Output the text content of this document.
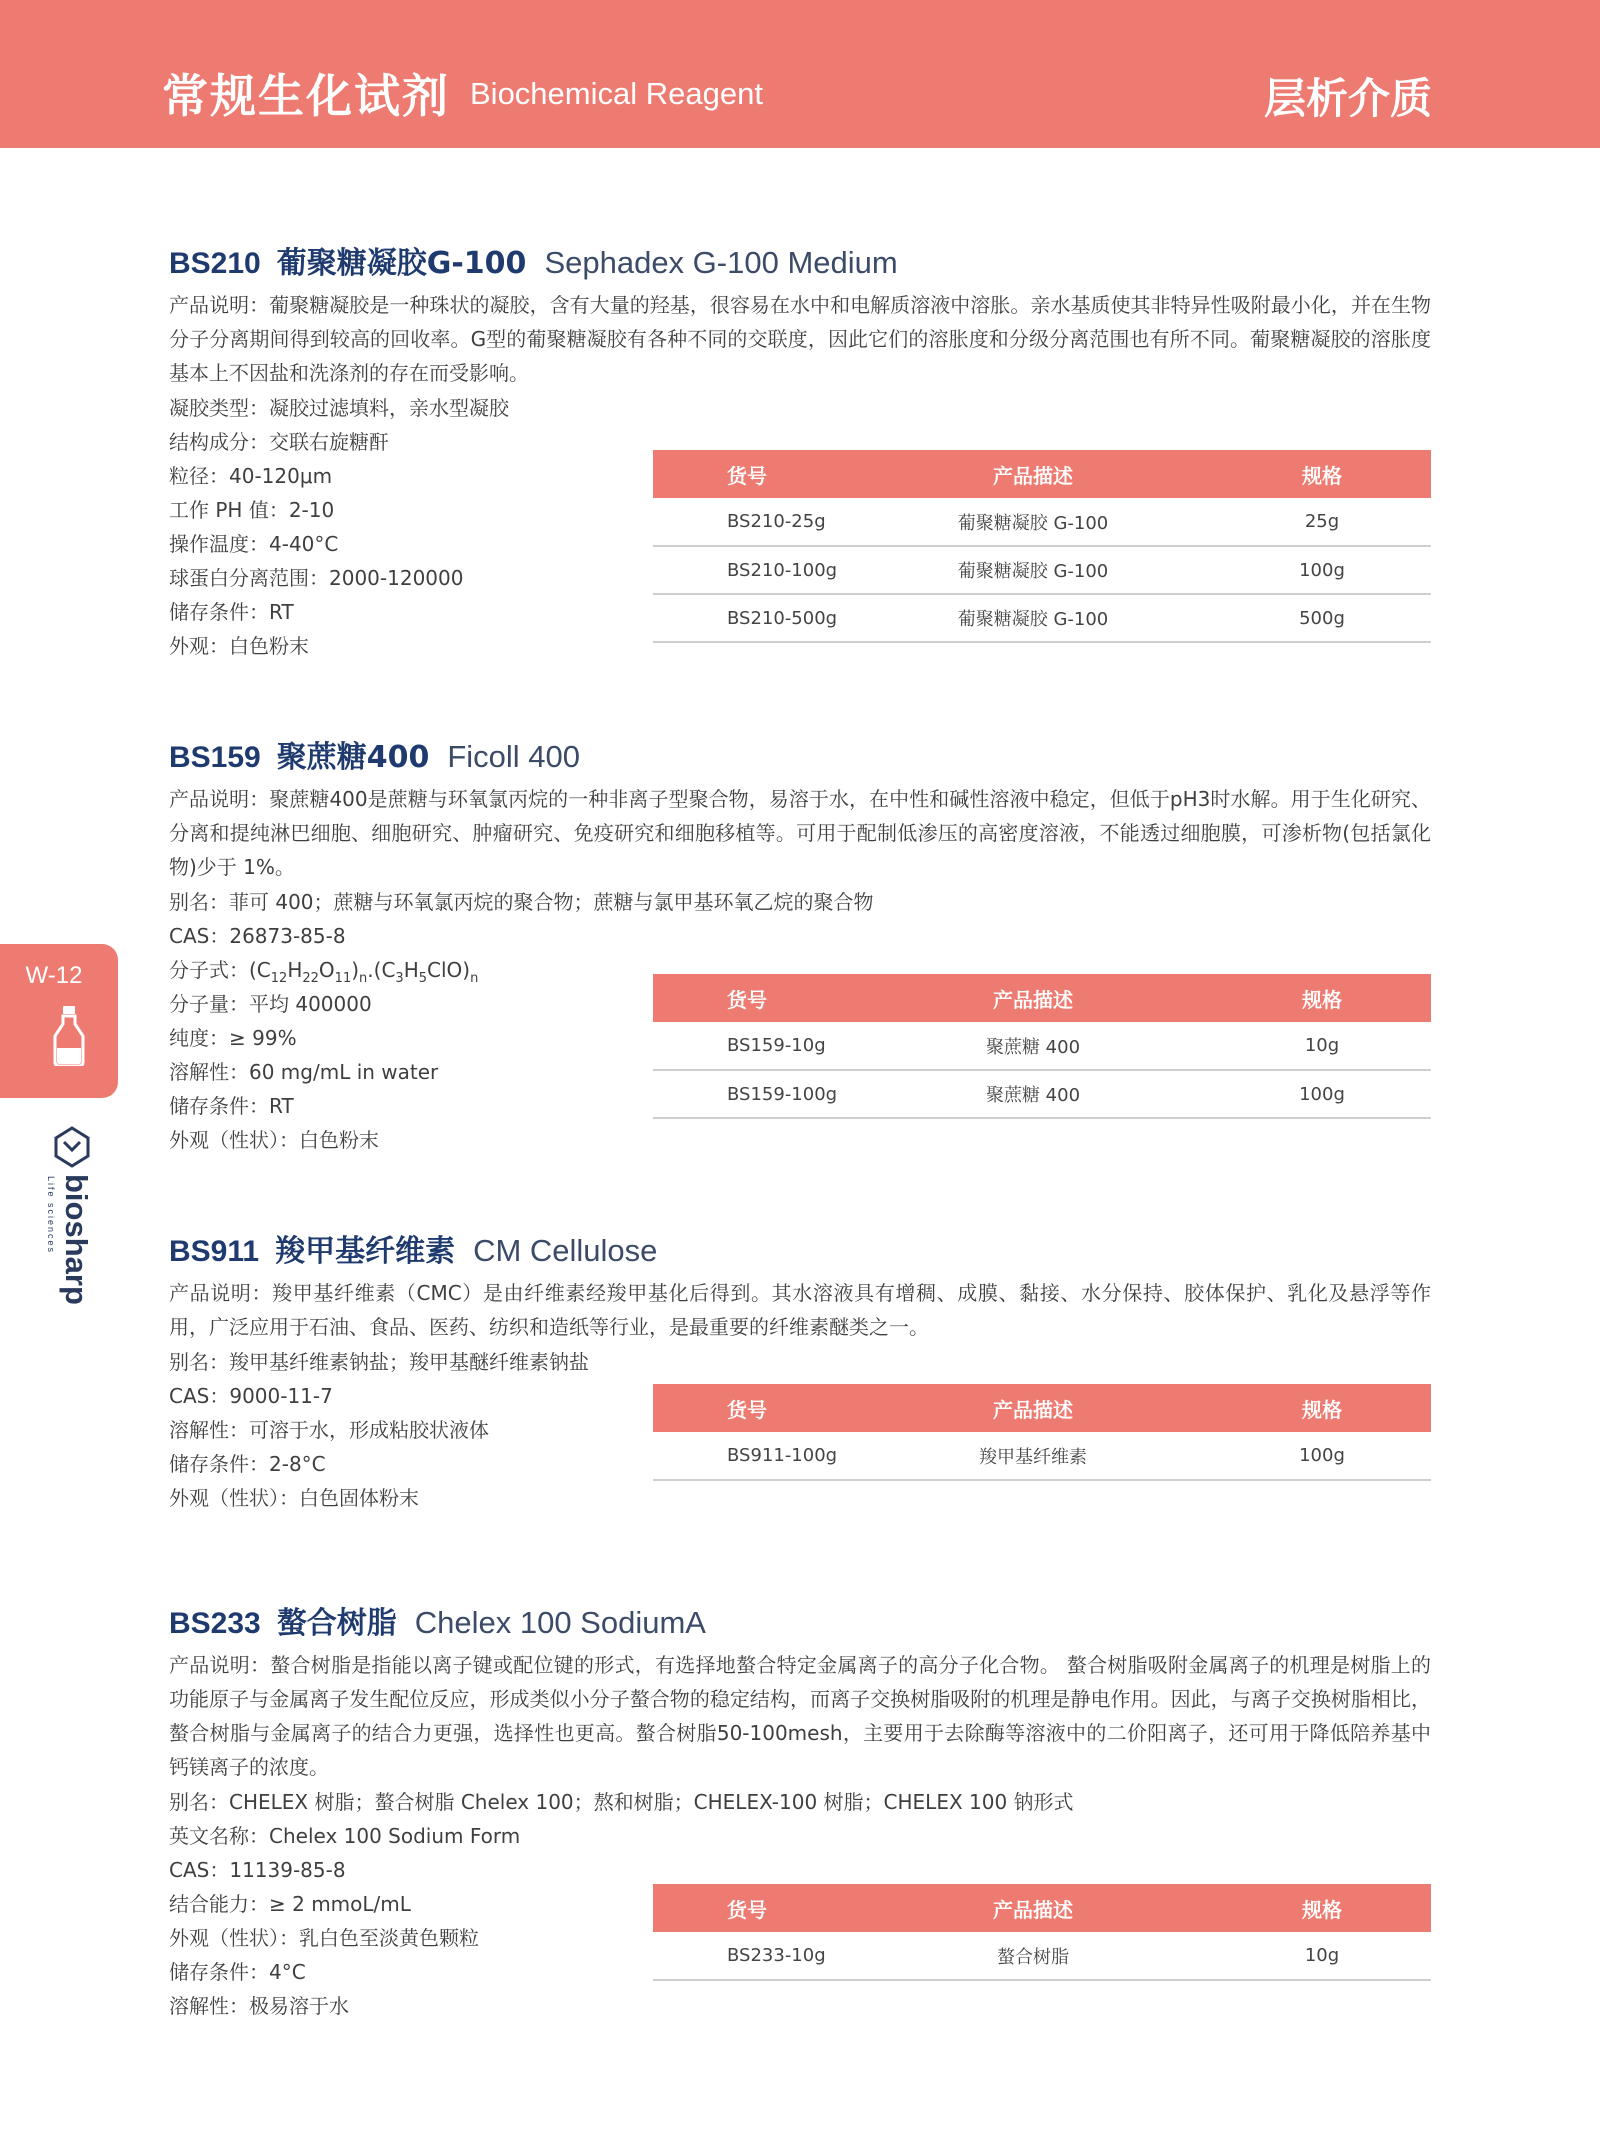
常规生化试剂 Biochemical Reagent	层析介质
W-12
biosharp
Life sciences
BS210 葡聚糖凝胶G-100 Sephadex G-100 Medium
产品说明：葡聚糖凝胶是一种珠状的凝胶，含有大量的羟基，很容易在水中和电解质溶液中溶胀。亲水基质使其非特异性吸附最小化，并在生物分子分离期间得到较高的回收率。G型的葡聚糖凝胶有各种不同的交联度，因此它们的溶胀度和分级分离范围也有所不同。葡聚糖凝胶的溶胀度基本上不因盐和洗涤剂的存在而受影响。
凝胶类型：凝胶过滤填料，亲水型凝胶
结构成分：交联右旋糖酐
粒径：40-120μm
工作 PH 值：2-10
操作温度：4-40°C
球蛋白分离范围：2000-120000
储存条件：RT
外观：白色粉末
货号	产品描述	规格
BS210-25g	葡聚糖凝胶 G-100	25g
BS210-100g	葡聚糖凝胶 G-100	100g
BS210-500g	葡聚糖凝胶 G-100	500g
BS159 聚蔗糖400 Ficoll 400
产品说明：聚蔗糖400是蔗糖与环氧氯丙烷的一种非离子型聚合物，易溶于水，在中性和碱性溶液中稳定，但低于pH3时水解。用于生化研究、分离和提纯淋巴细胞、细胞研究、肿瘤研究、免疫研究和细胞移植等。可用于配制低渗压的高密度溶液，不能透过细胞膜，可渗析物(包括氯化物)少于 1%。
别名：菲可 400；蔗糖与环氧氯丙烷的聚合物；蔗糖与氯甲基环氧乙烷的聚合物
CAS：26873-85-8
分子式：$(C_{12}H_{22}O_{11})_n.(C_3H_5ClO)_n$
分子量：平均 400000
纯度：≥ 99%
溶解性：60 mg/mL in water
储存条件：RT
外观（性状）：白色粉末
货号	产品描述	规格
BS159-10g	聚蔗糖 400	10g
BS159-100g	聚蔗糖 400	100g
BS911 羧甲基纤维素 CM Cellulose
产品说明：羧甲基纤维素（CMC）是由纤维素经羧甲基化后得到。其水溶液具有增稠、成膜、黏接、水分保持、胶体保护、乳化及悬浮等作用，广泛应用于石油、食品、医药、纺织和造纸等行业，是最重要的纤维素醚类之一。
别名：羧甲基纤维素钠盐；羧甲基醚纤维素钠盐
CAS：9000-11-7
溶解性：可溶于水，形成粘胶状液体
储存条件：2-8°C
外观（性状）：白色固体粉末
货号	产品描述	规格
BS911-100g	羧甲基纤维素	100g
BS233 螯合树脂 Chelex 100 SodiumA
产品说明：螯合树脂是指能以离子键或配位键的形式，有选择地螯合特定金属离子的高分子化合物。 螯合树脂吸附金属离子的机理是树脂上的功能原子与金属离子发生配位反应，形成类似小分子螯合物的稳定结构，而离子交换树脂吸附的机理是静电作用。因此，与离子交换树脂相比，螯合树脂与金属离子的结合力更强，选择性也更高。螯合树脂50-100mesh，主要用于去除酶等溶液中的二价阳离子，还可用于降低陪养基中钙镁离子的浓度。
别名：CHELEX 树脂；螯合树脂 Chelex 100；熬和树脂；CHELEX-100 树脂；CHELEX 100 钠形式
英文名称：Chelex 100 Sodium Form
CAS：11139-85-8
结合能力：≥ 2 mmoL/mL
外观（性状）：乳白色至淡黄色颗粒
储存条件：4°C
溶解性：极易溶于水
货号	产品描述	规格
BS233-10g	螯合树脂	10g
